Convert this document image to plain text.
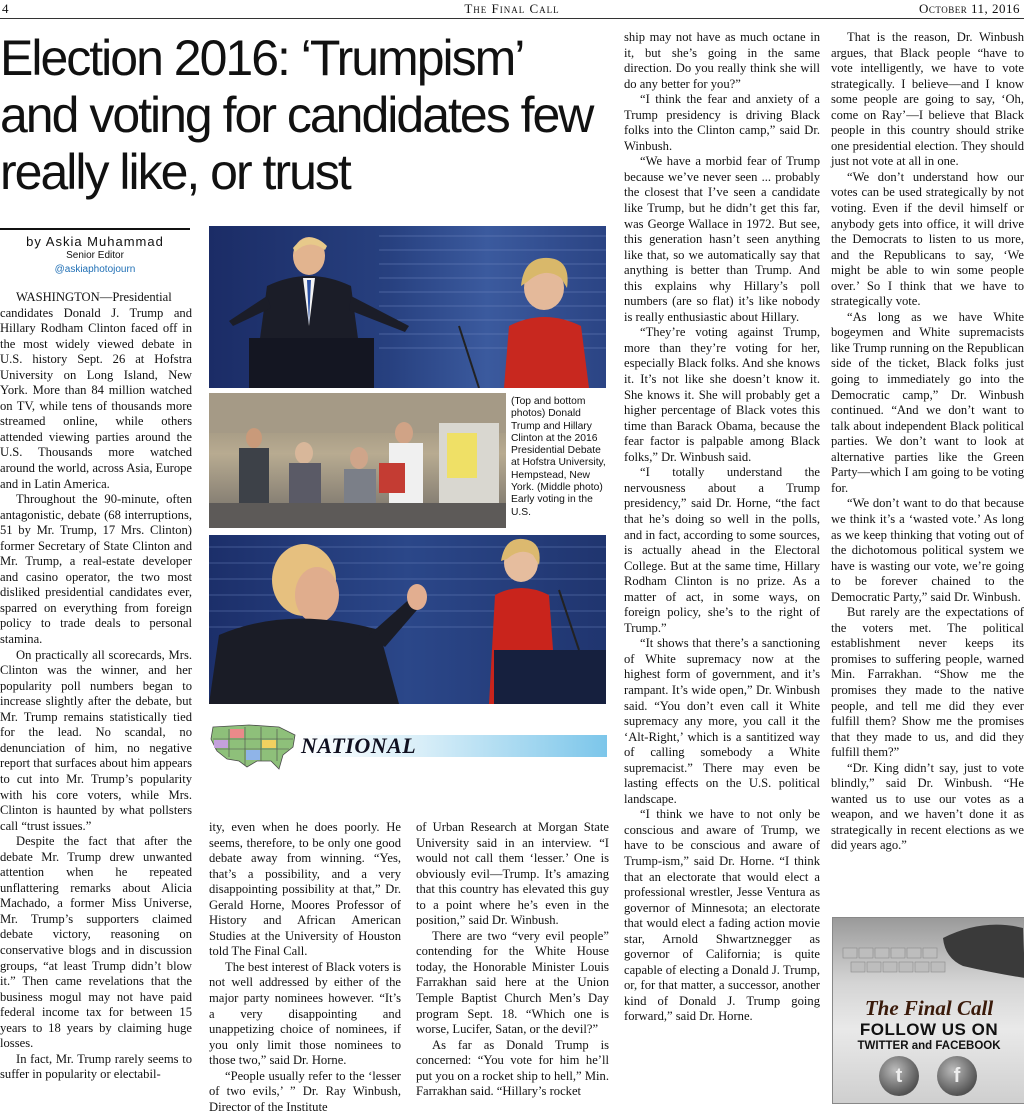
4	The Final Call	October 11, 2016
Election 2016: ‘Trumpism’ and voting for candidates few really like, or trust
by Askia Muhammad
Senior Editor
@askiaphotojourn

WASHINGTON—Presidential candidates Donald J. Trump and Hillary Rodham Clinton faced off in the most widely viewed debate in U.S. history Sept. 26 at Hofstra University on Long Island, New York. More than 84 million watched on TV, while tens of thousands more streamed online, while others attended viewing parties around the U.S. Thousands more watched around the world, across Asia, Europe and in Latin America.

Throughout the 90-minute, often antagonistic, debate (68 interruptions, 51 by Mr. Trump, 17 Mrs. Clinton) former Secretary of State Clinton and Mr. Trump, a real-estate developer and casino operator, the two most disliked presidential candidates ever, sparred on everything from foreign policy to trade deals to personal stamina.

On practically all scorecards, Mrs. Clinton was the winner, and her popularity poll numbers began to increase slightly after the debate, but Mr. Trump remains statistically tied for the lead. No scandal, no denunciation of him, no negative report that surfaces about him appears to cut into Mr. Trump’s popularity with his core voters, while Mrs. Clinton is haunted by what pollsters call “trust issues.”

Despite the fact that after the debate Mr. Trump drew unwanted attention when he repeated unflattering remarks about Alicia Machado, a former Miss Universe, Mr. Trump’s supporters claimed debate victory, reasoning on conservative blogs and in discussion groups, “at least Trump didn’t blow it.” Then came revelations that the business mogul may not have paid federal income tax for between 15 years to 18 years by claiming huge losses.

In fact, Mr. Trump rarely seems to suffer in popularity or electabil-

(Top and bottom photos) Donald Trump and Hillary Clinton at the 2016 Presidential Debate at Hofstra University, Hempstead, New York. (Middle photo) Early voting in the U.S.
NATIONAL

ity, even when he does poorly. He seems, therefore, to be only one good debate away from winning. “Yes, that’s a possibility, and a very disappointing possibility at that,” Dr. Gerald Horne, Moores Professor of History and African American Studies at the University of Houston told The Final Call.

The best interest of Black voters is not well addressed by either of the major party nominees however. “It’s a very disappointing and unappetizing choice of nominees, if you only limit those nominees to those two,” said Dr. Horne.

“People usually refer to the ‘lesser of two evils,’ ” Dr. Ray Winbush, Director of the Institute

of Urban Research at Morgan State University said in an interview. “I would not call them ‘lesser.’ One is obviously evil—Trump. It’s amazing that this country has elevated this guy to a point where he’s even in the position,” said Dr. Winbush.

There are two “very evil people” contending for the White House today, the Honorable Minister Louis Farrakhan said here at the Union Temple Baptist Church Men’s Day program Sept. 18. “Which one is worse, Lucifer, Satan, or the devil?”

As far as Donald Trump is concerned: “You vote for him he’ll put you on a rocket ship to hell,” Min. Farrakhan said. “Hillary’s rocket

ship may not have as much octane in it, but she’s going in the same direction. Do you really think she will do any better for you?”

“I think the fear and anxiety of a Trump presidency is driving Black folks into the Clinton camp,” said Dr. Winbush.

“We have a morbid fear of Trump because we’ve never seen ... probably the closest that I’ve seen a candidate like Trump, but he didn’t get this far, was George Wallace in 1972. But see, this generation hasn’t seen anything like that, so we automatically say that anything is better than Trump. And this explains why Hillary’s poll numbers (are so flat) it’s like nobody is really enthusiastic about Hillary.

“They’re voting against Trump, more than they’re voting for her, especially Black folks. And she knows it. It’s not like she doesn’t know it. She knows it. She will probably get a higher percentage of Black votes this time than Barack Obama, because the fear factor is palpable among Black folks,” Dr. Winbush said.

“I totally understand the nervousness about a Trump presidency,” said Dr. Horne, “the fact that he’s doing so well in the polls, and in fact, according to some sources, is actually ahead in the Electoral College. But at the same time, Hillary Rodham Clinton is no prize. As a matter of act, in some ways, on foreign policy, she’s to the right of Trump.”

“It shows that there’s a sanctioning of White supremacy now at the highest form of government, and it’s rampant. It’s wide open,” Dr. Winbush said. “You don’t even call it White supremacy any more, you call it the ‘Alt-Right,’ which is a santitized way of calling somebody a White supremacist.” There may even be lasting effects on the U.S. political landscape.

“I think we have to not only be conscious and aware of Trump, we have to be conscious and aware of Trump-ism,” said Dr. Horne. “I think that an electorate that would elect a professional wrestler, Jesse Ventura as governor of Minnesota; an electorate that would elect a fading action movie star, Arnold Shwartznegger as governor of California; is quite capable of electing a Donald J. Trump, or, for that matter, a successor, another kind of Donald J. Trump going forward,” said Dr. Horne.

That is the reason, Dr. Winbush argues, that Black people “have to vote intelligently, we have to vote strategically. I believe—and I know some people are going to say, ‘Oh, come on Ray’—I believe that Black people in this country should strike one presidential election. They should just not vote at all in one.

“We don’t understand how our votes can be used strategically by not voting. Even if the devil himself or anybody gets into office, it will drive the Democrats to listen to us more, and the Republicans to say, ‘We might be able to win some people over.’ So I think that we have to strategically vote.

“As long as we have White bogeymen and White supremacists like Trump running on the Republican side of the ticket, Black folks just going to immediately go into the Democratic camp,” Dr. Winbush continued. “And we don’t want to talk about independent Black political parties. We don’t want to look at alternative parties like the Green Party—which I am going to be voting for.

“We don’t want to do that because we think it’s a ‘wasted vote.’ As long as we keep thinking that voting out of the dichotomous political system we have is wasting our vote, we’re going to be forever chained to the Democratic Party,” said Dr. Winbush.

But rarely are the expectations of the voters met. The political establishment never keeps its promises to suffering people, warned Min. Farrakhan. “Show me the promises they made to the native people, and tell me did they ever fulfill them? Show me the promises that they made to us, and did they fulfill them?”

“Dr. King didn’t say, just to vote blindly,” said Dr. Winbush. “He wanted us to use our votes as a weapon, and we haven’t done it as strategically in recent elections as we did years ago.”

The Final Call
FOLLOW US ON
TWITTER and FACEBOOK
t	f
